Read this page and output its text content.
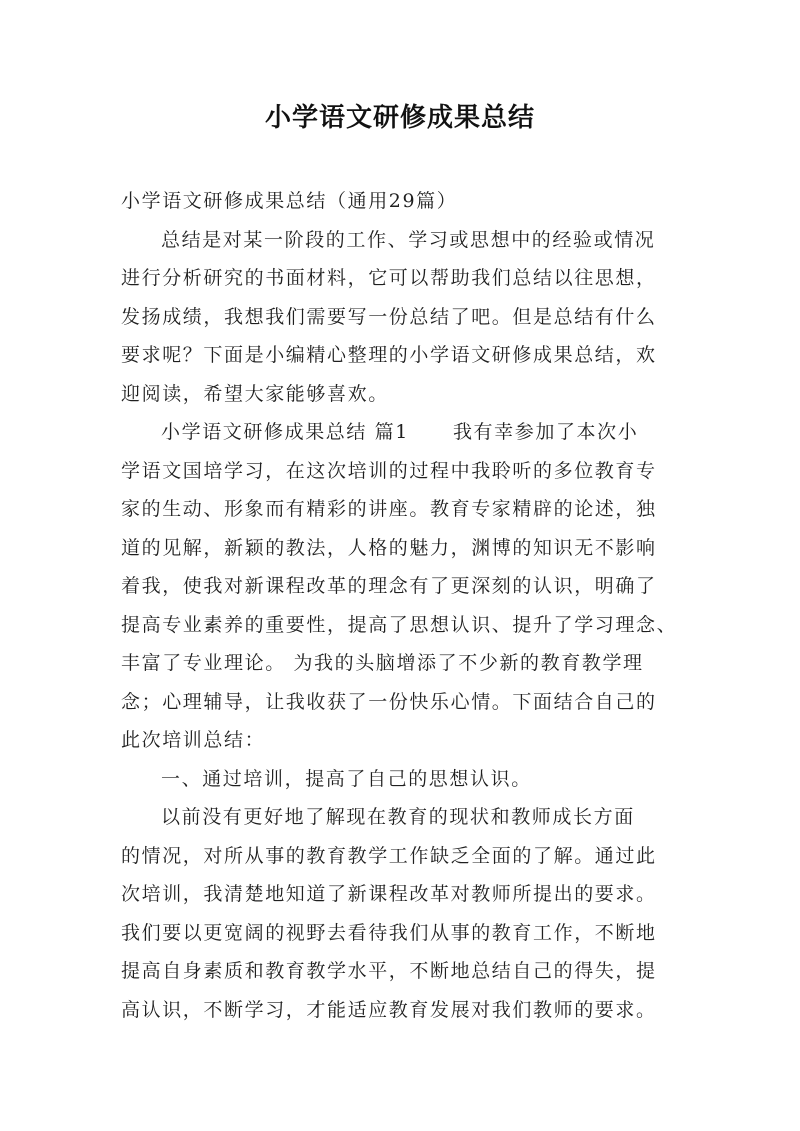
小学语文研修成果总结
小学语文研修成果总结（通用29篇）
总结是对某一阶段的工作、学习或思想中的经验或情况
进行分析研究的书面材料，它可以帮助我们总结以往思想，
发扬成绩，我想我们需要写一份总结了吧。但是总结有什么
要求呢？下面是小编精心整理的小学语文研修成果总结，欢
迎阅读，希望大家能够喜欢。
小学语文研修成果总结 篇1 我有幸参加了本次小
学语文国培学习，在这次培训的过程中我聆听的多位教育专
家的生动、形象而有精彩的讲座。教育专家精辟的论述，独
道的见解，新颖的教法，人格的魅力，渊博的知识无不影响
着我，使我对新课程改革的理念有了更深刻的认识，明确了
提高专业素养的重要性，提高了思想认识、提升了学习理念、
丰富了专业理论。 为我的头脑增添了不少新的教育教学理
念；心理辅导，让我收获了一份快乐心情。下面结合自己的
此次培训总结：
一、通过培训，提高了自己的思想认识。
以前没有更好地了解现在教育的现状和教师成长方面
的情况，对所从事的教育教学工作缺乏全面的了解。通过此
次培训，我清楚地知道了新课程改革对教师所提出的要求。
我们要以更宽阔的视野去看待我们从事的教育工作，不断地
提高自身素质和教育教学水平，不断地总结自己的得失，提
高认识，不断学习，才能适应教育发展对我们教师的要求。
